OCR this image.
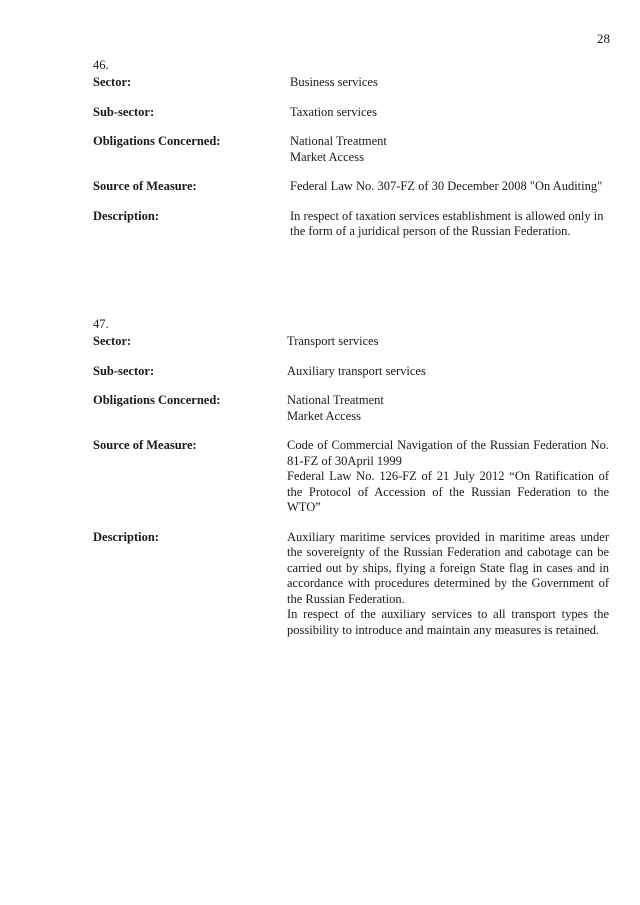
28
46.
Sector:	Business services
Sub-sector:	Taxation services
Obligations Concerned:	National Treatment
Market Access
Source of Measure:	Federal Law No. 307-FZ of 30 December 2008 "On Auditing"
Description:	In respect of taxation services establishment is allowed only in the form of a juridical person of the Russian Federation.
47.
Sector:	Transport services
Sub-sector:	Auxiliary transport services
Obligations Concerned:	National Treatment
Market Access
Source of Measure:	Code of Commercial Navigation of the Russian Federation No. 81-FZ of 30April 1999
Federal Law No. 126-FZ of 21 July 2012 “On Ratification of the Protocol of Accession of the Russian Federation to the WTO”
Description:	Auxiliary maritime services provided in maritime areas under the sovereignty of the Russian Federation and cabotage can be carried out by ships, flying a foreign State flag in cases and in accordance with procedures determined by the Government of the Russian Federation.
In respect of the auxiliary services to all transport types the possibility to introduce and maintain any measures is retained.
